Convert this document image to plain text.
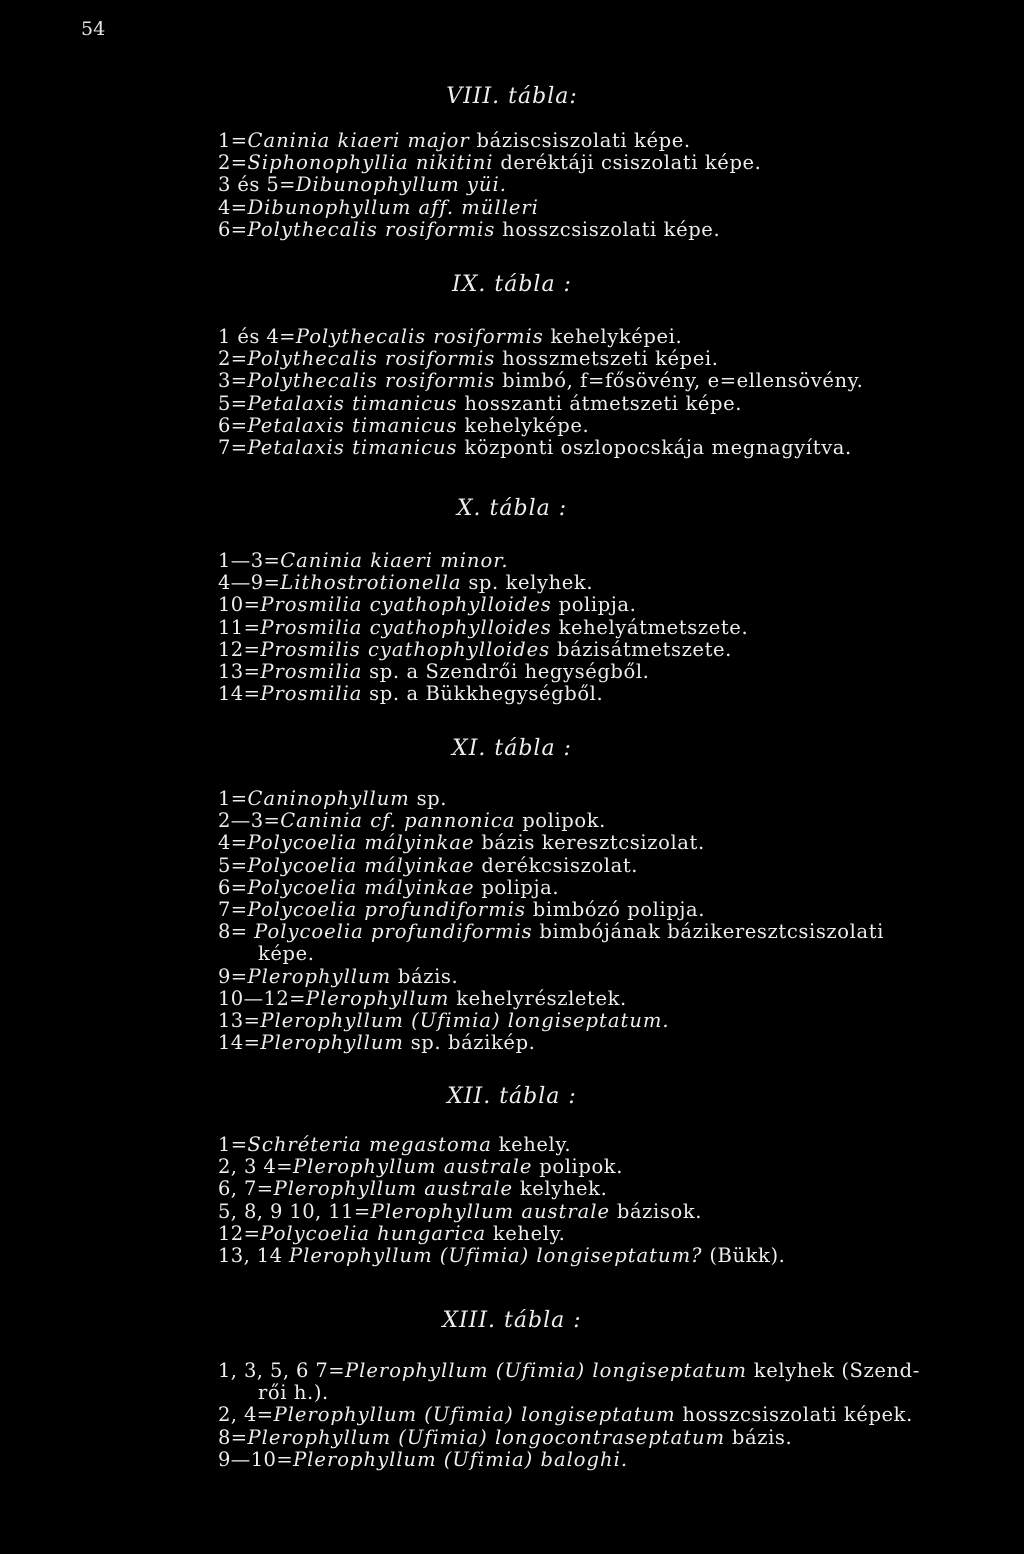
54
VIII. tábla:
1=Caninia kiaeri major báziscsiszolati képe.
2=Siphonophyllia nikitini deréktáji csiszolati képe.
3 és 5=Dibunophyllum yüi.
4=Dibunophyllum aff. mülleri
6=Polythecalis rosiformis hosszcsiszolati képe.
IX. tábla :
1 és 4=Polythecalis rosiformis kehelyképei.
2=Polythecalis rosiformis hosszmetszeti képei.
3=Polythecalis rosiformis bimbó, f=fősövény, e=ellensövény.
5=Petalaxis timanicus hosszanti átmetszeti képe.
6=Petalaxis timanicus kehelyképe.
7=Petalaxis timanicus központi oszlopocskája megnagyítva.
X. tábla :
1—3=Caninia kiaeri minor.
4—9=Lithostrotionella sp. kelyhek.
10=Prosmilia cyathophylloides polipja.
11=Prosmilia cyathophylloides kehelyátmetszete.
12=Prosmilis cyathophylloides bázisátmetszete.
13=Prosmilia sp. a Szendrői hegységből.
14=Prosmilia sp. a Bükkhegységből.
XI. tábla :
1=Caninophyllum sp.
2—3=Caninia cf. pannonica polipok.
4=Polycoelia mályinkae bázis keresztcsizolat.
5=Polycoelia mályinkae derékcsiszolat.
6=Polycoelia mályinkae polipja.
7=Polycoelia profundiformis bimbózó polipja.
8= Polycoelia profundiformis bimbójának bázikeresztcsiszolati
képe.
9=Plerophyllum bázis.
10—12=Plerophyllum kehelyrészletek.
13=Plerophyllum (Ufimia) longiseptatum.
14=Plerophyllum sp. bázikép.
XII. tábla :
1=Schréteria megastoma kehely.
2, 3 4=Plerophyllum australe polipok.
6, 7=Plerophyllum australe kelyhek.
5, 8, 9 10, 11=Plerophyllum australe bázisok.
12=Polycoelia hungarica kehely.
13, 14 Plerophyllum (Ufimia) longiseptatum? (Bükk).
XIII. tábla :
1, 3, 5, 6 7=Plerophyllum (Ufimia) longiseptatum kelyhek (Szend-
rői h.).
2, 4=Plerophyllum (Ufimia) longiseptatum hosszcsiszolati képek.
8=Plerophyllum (Ufimia) longocontraseptatum bázis.
9—10=Plerophyllum (Ufimia) baloghi.
